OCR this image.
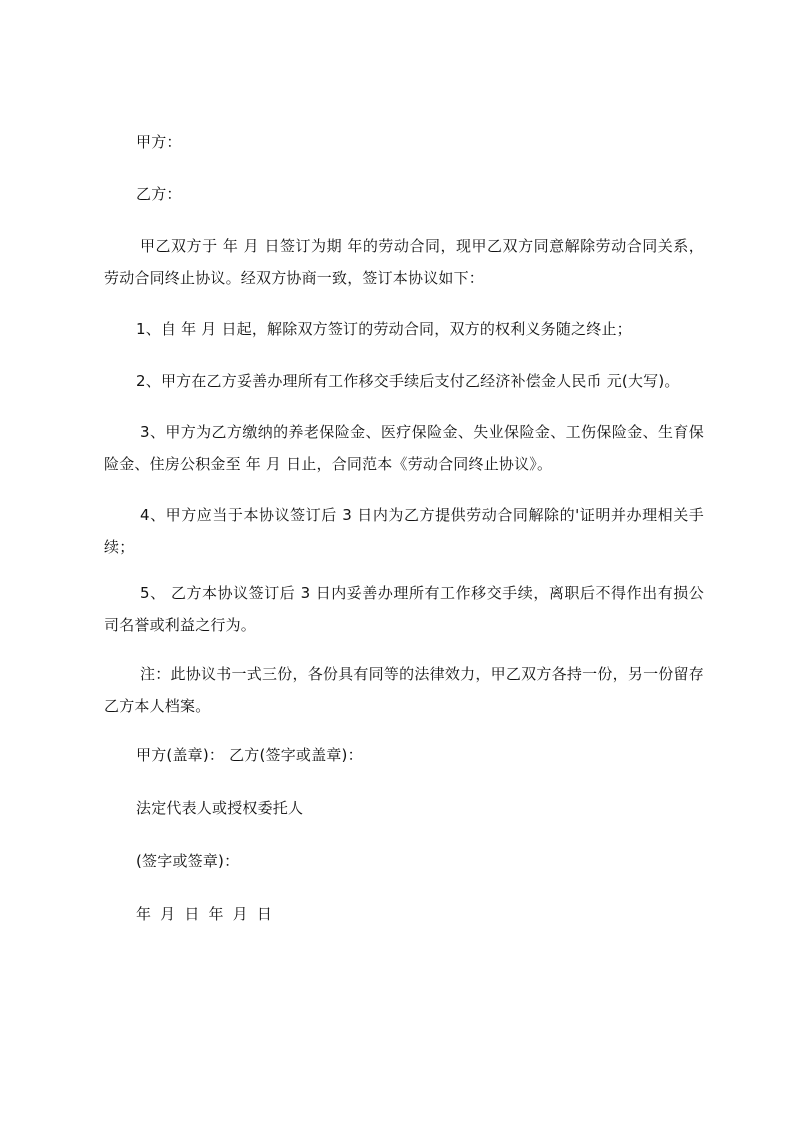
甲方：
乙方：
甲乙双方于 年 月 日签订为期 年的劳动合同，现甲乙双方同意解除劳动合同关系，劳动合同终止协议。经双方协商一致，签订本协议如下：
1、自 年 月 日起，解除双方签订的劳动合同，双方的权利义务随之终止；
2、甲方在乙方妥善办理所有工作移交手续后支付乙经济补偿金人民币 元(大写)。
3、甲方为乙方缴纳的养老保险金、医疗保险金、失业保险金、工伤保险金、生育保险金、住房公积金至 年 月 日止，合同范本《劳动合同终止协议》。
4、甲方应当于本协议签订后 3 日内为乙方提供劳动合同解除的'证明并办理相关手续；
5、 乙方本协议签订后 3 日内妥善办理所有工作移交手续，离职后不得作出有损公司名誉或利益之行为。
注：此协议书一式三份，各份具有同等的法律效力，甲乙双方各持一份，另一份留存乙方本人档案。
甲方(盖章)： 乙方(签字或盖章)：
法定代表人或授权委托人
(签字或签章)：
年 月 日 年 月 日
